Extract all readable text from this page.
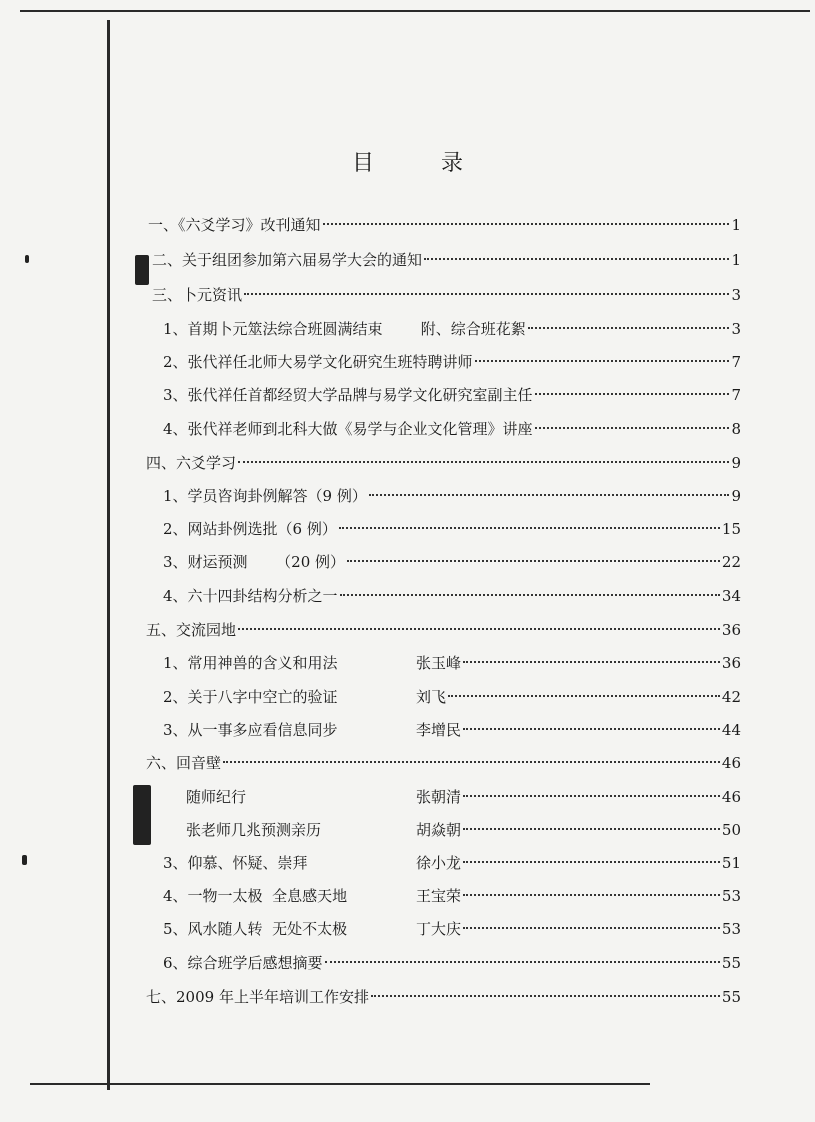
目 录
一、《六爻学习》改刊通知	1
二、关于组团参加第六届易学大会的通知	1
三、卜元资讯	3
1、首期卜元筮法综合班圆满结束        附、综合班花絮	3
2、张代祥任北师大易学文化研究生班特聘讲师	7
3、张代祥任首都经贸大学品牌与易学文化研究室副主任	7
4、张代祥老师到北科大做《易学与企业文化管理》讲座	8
四、六爻学习	9
1、学员咨询卦例解答（9 例）	9
2、网站卦例选批（6 例）	15
3、财运预测      （20 例）	22
4、六十四卦结构分析之一	34
五、交流园地	36
1、常用神兽的含义和用法	张玉峰	36
2、关于八字中空亡的验证	刘飞	42
3、从一事多应看信息同步	李增民	44
六、回音壁	46
随师纪行	张朝清	46
张老师几兆预测亲历	胡焱朝	50
3、仰慕、怀疑、崇拜	徐小龙	51
4、一物一太极  全息感天地	王宝荣	53
5、风水随人转  无处不太极	丁大庆	53
6、综合班学后感想摘要	55
七、2009 年上半年培训工作安排	55
